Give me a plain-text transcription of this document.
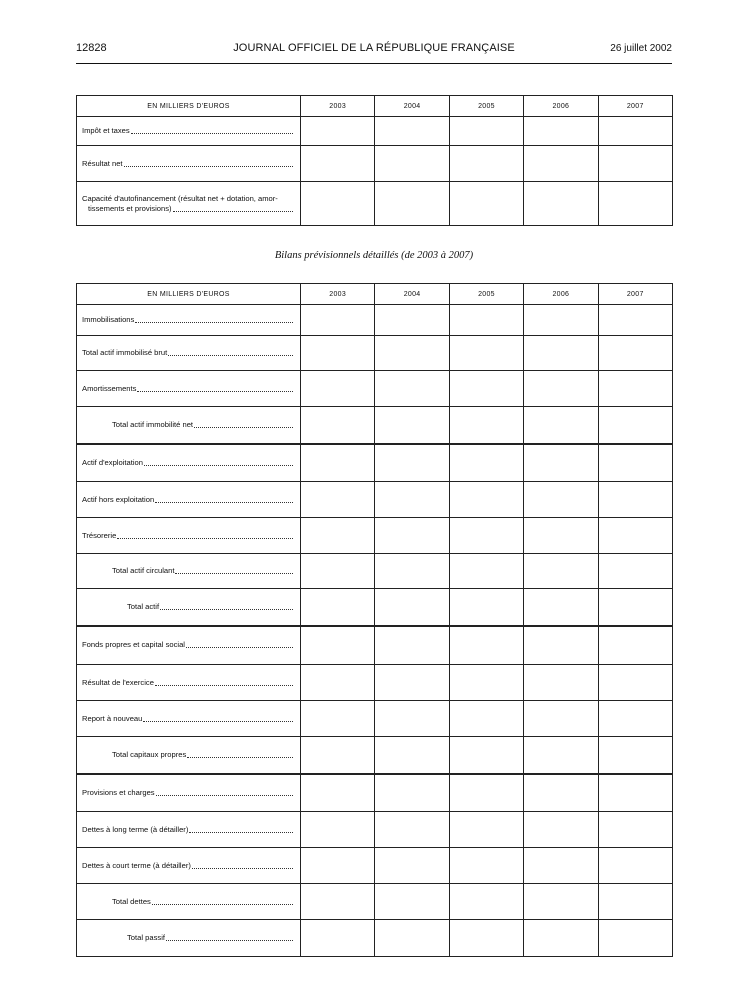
12828	JOURNAL OFFICIEL DE LA RÉPUBLIQUE FRANÇAISE	26 juillet 2002
EN MILLIERS D'EUROS	2003	2004	2005	2006	2007

Impôt et taxes					

Résultat net					

Capacité d'autofinancement (résultat net + dotation, amor-
tissements et provisions)					

Bilans prévisionnels détaillés (de 2003 à 2007)
EN MILLIERS D'EUROS	2003	2004	2005	2006	2007

Immobilisations					

Total actif immobilisé brut					

Amortissements					

Total actif immobilité net					

Actif d'exploitation					

Actif hors exploitation					

Trésorerie					

Total actif circulant					

Total actif					

Fonds propres et capital social					

Résultat de l'exercice					

Report à nouveau					

Total capitaux propres					

Provisions et charges					

Dettes à long terme (à détailler)					

Dettes à court terme (à détailler)					

Total dettes					

Total passif					
